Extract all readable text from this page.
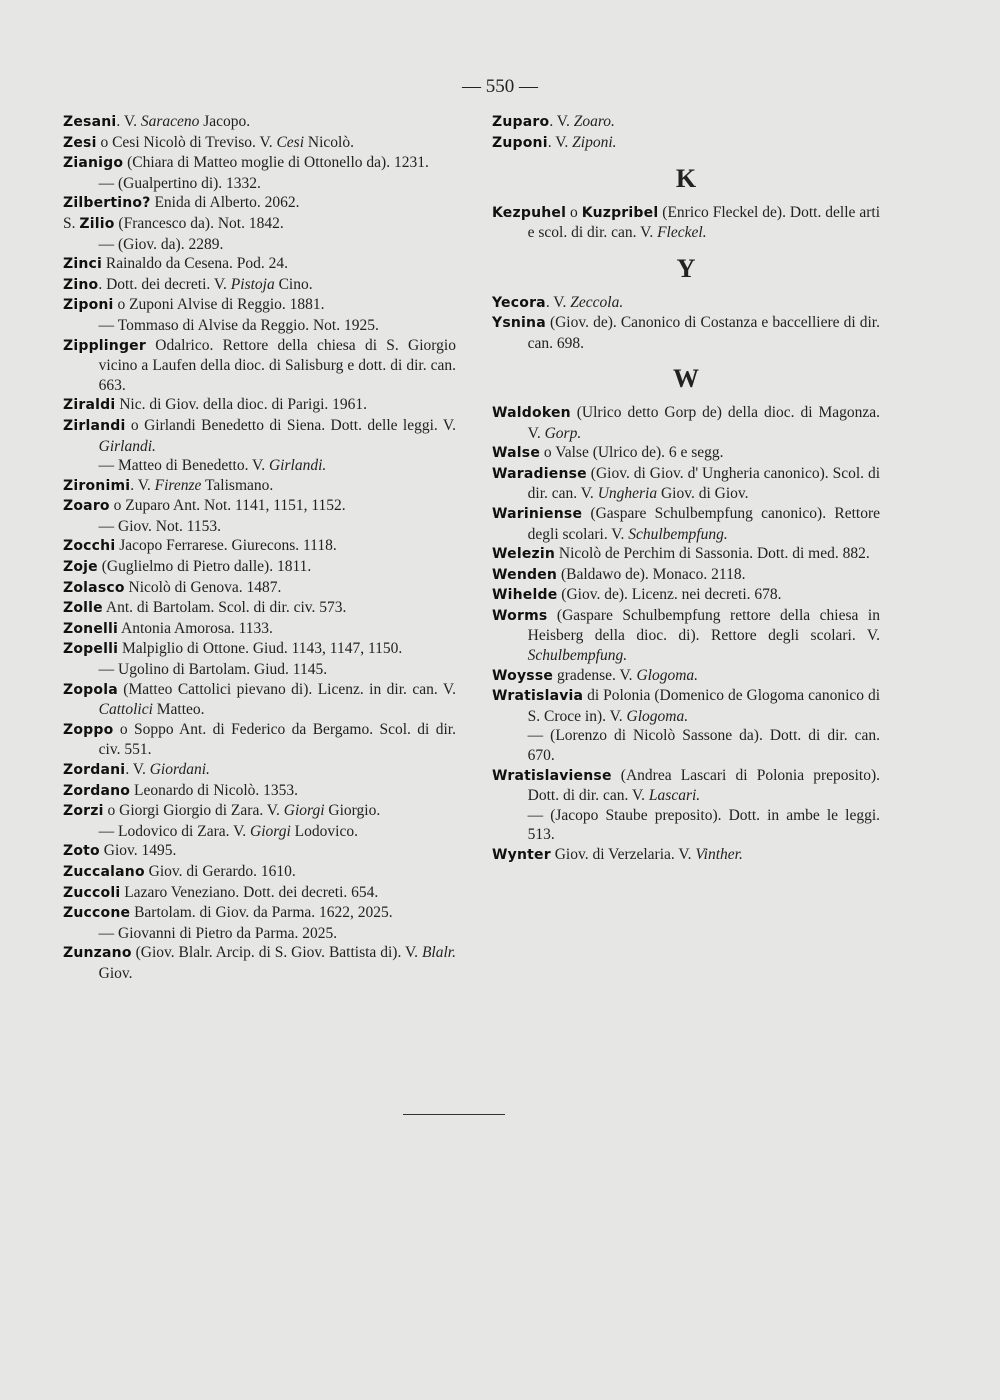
— 550 —
Zesani. V. Saraceno Jacopo.
Zesi o Cesi Nicolò di Treviso. V. Cesi Nicolò.
Zianigo (Chiara di Matteo moglie di Ottonello da). 1231.
— (Gualpertino di). 1332.
Zilbertino? Enida di Alberto. 2062.
S. Zilio (Francesco da). Not. 1842.
— (Giov. da). 2289.
Zinci Rainaldo da Cesena. Pod. 24.
Zino. Dott. dei decreti. V. Pistoja Cino.
Ziponi o Zuponi Alvise di Reggio. 1881.
— Tommaso di Alvise da Reggio. Not. 1925.
Zipplinger Odalrico. Rettore della chiesa di S. Giorgio vicino a Laufen della dioc. di Salisburg e dott. di dir. can. 663.
Ziraldi Nic. di Giov. della dioc. di Parigi. 1961.
Zirlandi o Girlandi Benedetto di Siena. Dott. delle leggi. V. Girlandi.
— Matteo di Benedetto. V. Girlandi.
Zironimi. V. Firenze Talismano.
Zoaro o Zuparo Ant. Not. 1141, 1151, 1152.
— Giov. Not. 1153.
Zocchi Jacopo Ferrarese. Giurecons. 1118.
Zoje (Guglielmo di Pietro dalle). 1811.
Zolasco Nicolò di Genova. 1487.
Zolle Ant. di Bartolam. Scol. di dir. civ. 573.
Zonelli Antonia Amorosa. 1133.
Zopelli Malpiglio di Ottone. Giud. 1143, 1147, 1150.
— Ugolino di Bartolam. Giud. 1145.
Zopola (Matteo Cattolici pievano di). Licenz. in dir. can. V. Cattolici Matteo.
Zoppo o Soppo Ant. di Federico da Bergamo. Scol. di dir. civ. 551.
Zordani. V. Giordani.
Zordano Leonardo di Nicolò. 1353.
Zorzi o Giorgi Giorgio di Zara. V. Giorgi Giorgio.
— Lodovico di Zara. V. Giorgi Lodovico.
Zoto Giov. 1495.
Zuccalano Giov. di Gerardo. 1610.
Zuccoli Lazaro Veneziano. Dott. dei decreti. 654.
Zuccone Bartolam. di Giov. da Parma. 1622, 2025.
— Giovanni di Pietro da Parma. 2025.
Zunzano (Giov. Blalr. Arcip. di S. Giov. Battista di). V. Blalr. Giov.
Zuparo. V. Zoaro.
Zuponi. V. Ziponi.
K
Kezpuhel o Kuzpribel (Enrico Fleckel de). Dott. delle arti e scol. di dir. can. V. Fleckel.
Y
Yecora. V. Zeccola.
Ysnina (Giov. de). Canonico di Costanza e baccelliere di dir. can. 698.
W
Waldoken (Ulrico detto Gorp de) della dioc. di Magonza. V. Gorp.
Walse o Valse (Ulrico de). 6 e segg.
Waradiense (Giov. di Giov. d' Ungheria canonico). Scol. di dir. can. V. Ungheria Giov. di Giov.
Wariniense (Gaspare Schulbempfung canonico). Rettore degli scolari. V. Schulbempfung.
Welezin Nicolò de Perchim di Sassonia. Dott. di med. 882.
Wenden (Baldawo de). Monaco. 2118.
Wihelde (Giov. de). Licenz. nei decreti. 678.
Worms (Gaspare Schulbempfung rettore della chiesa in Heisberg della dioc. di). Rettore degli scolari. V. Schulbempfung.
Woysse gradense. V. Glogoma.
Wratislavia di Polonia (Domenico de Glogoma canonico di S. Croce in). V. Glogoma.
— (Lorenzo di Nicolò Sassone da). Dott. di dir. can. 670.
Wratislaviense (Andrea Lascari di Polonia preposito). Dott. di dir. can. V. Lascari.
— (Jacopo Staube preposito). Dott. in ambe le leggi. 513.
Wynter Giov. di Verzelaria. V. Vinther.
